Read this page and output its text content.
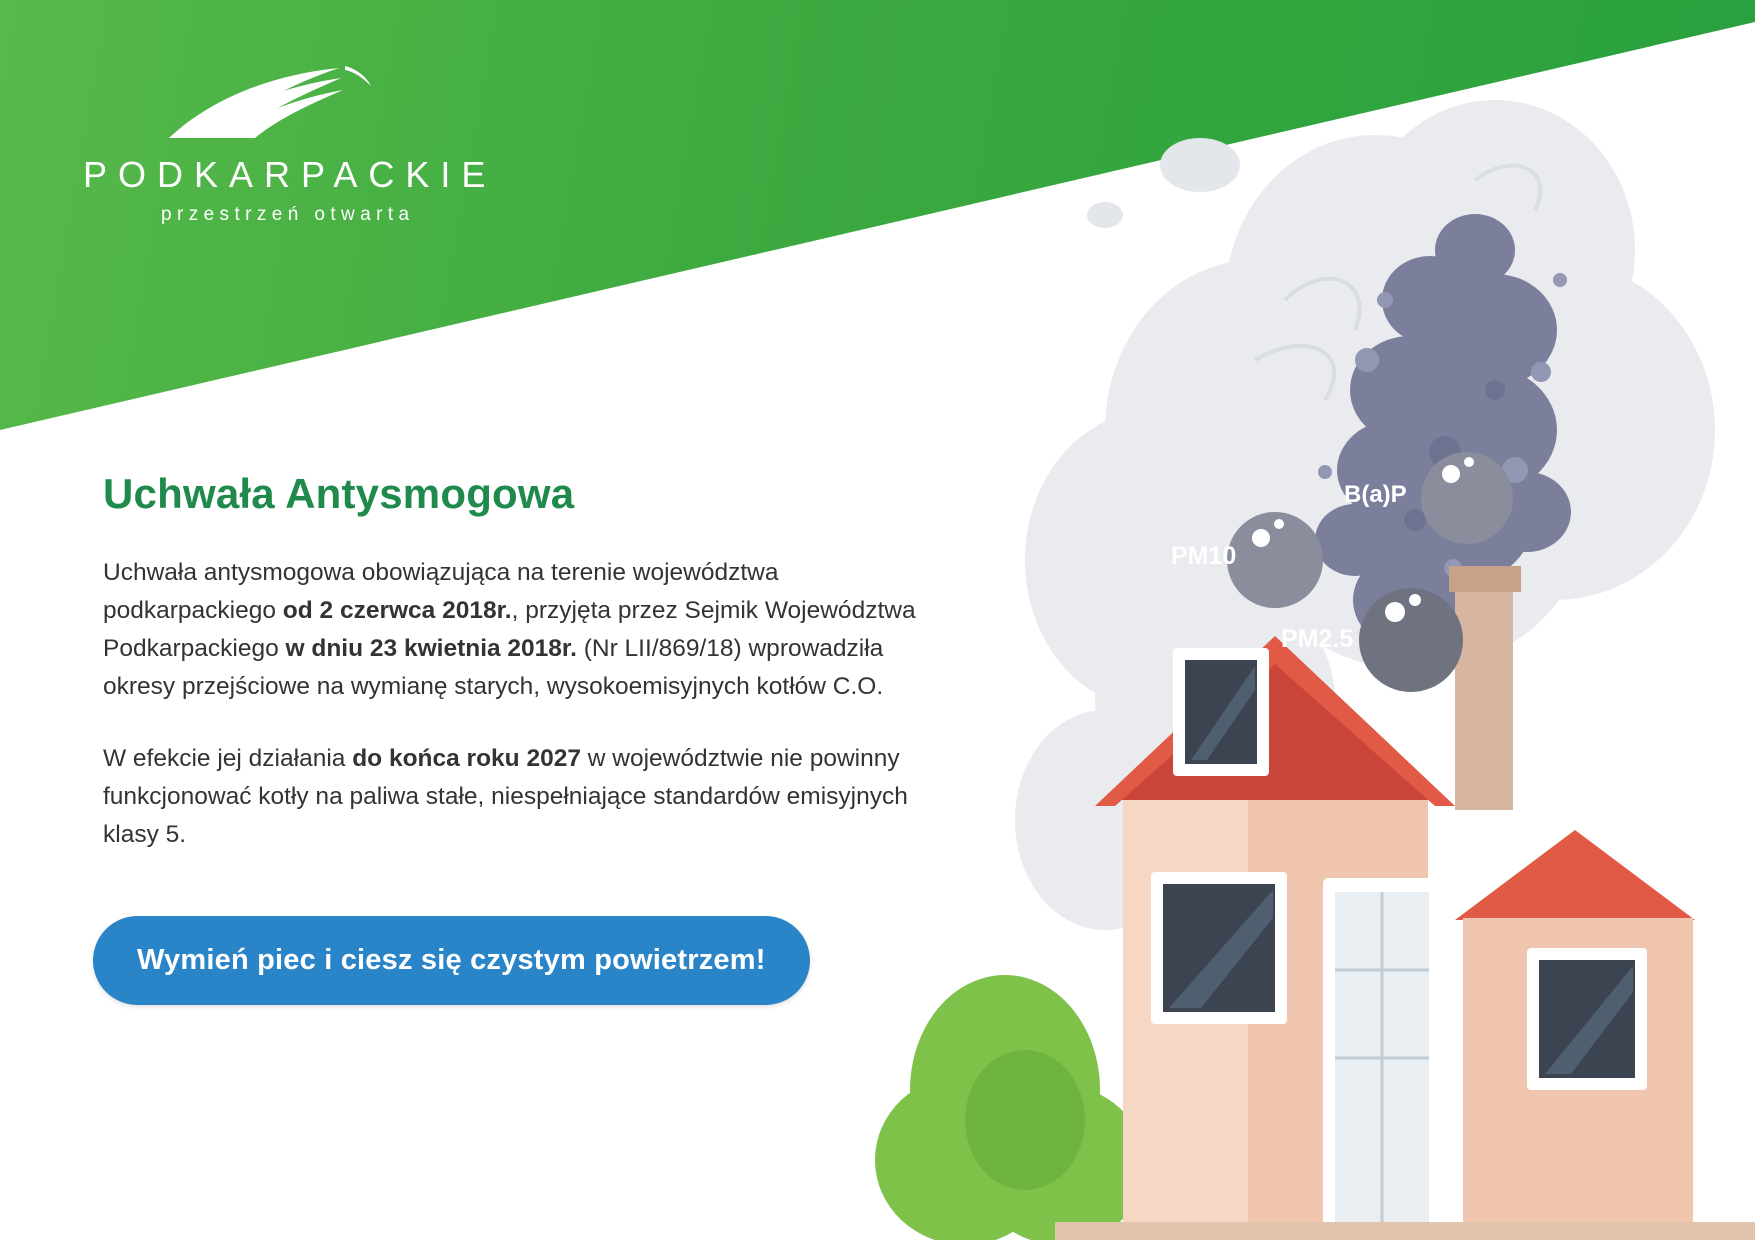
PODKARPACKIE
przestrzeń otwarta
PM10
PM2.5
B(a)P
Uchwała Antysmogowa

Uchwała antysmogowa obowiązująca na terenie województwa podkarpackiego od 2 czerwca 2018r., przyjęta przez Sejmik Województwa Podkarpackiego w dniu 23 kwietnia 2018r. (Nr LII/869/18) wprowadziła okresy przejściowe na wymianę starych, wysokoemisyjnych kotłów C.O.

W efekcie jej działania do końca roku 2027 w województwie nie powinny funkcjonować kotły na paliwa stałe, niespełniające standardów emisyjnych klasy 5.

Wymień piec i ciesz się czystym powietrzem!
